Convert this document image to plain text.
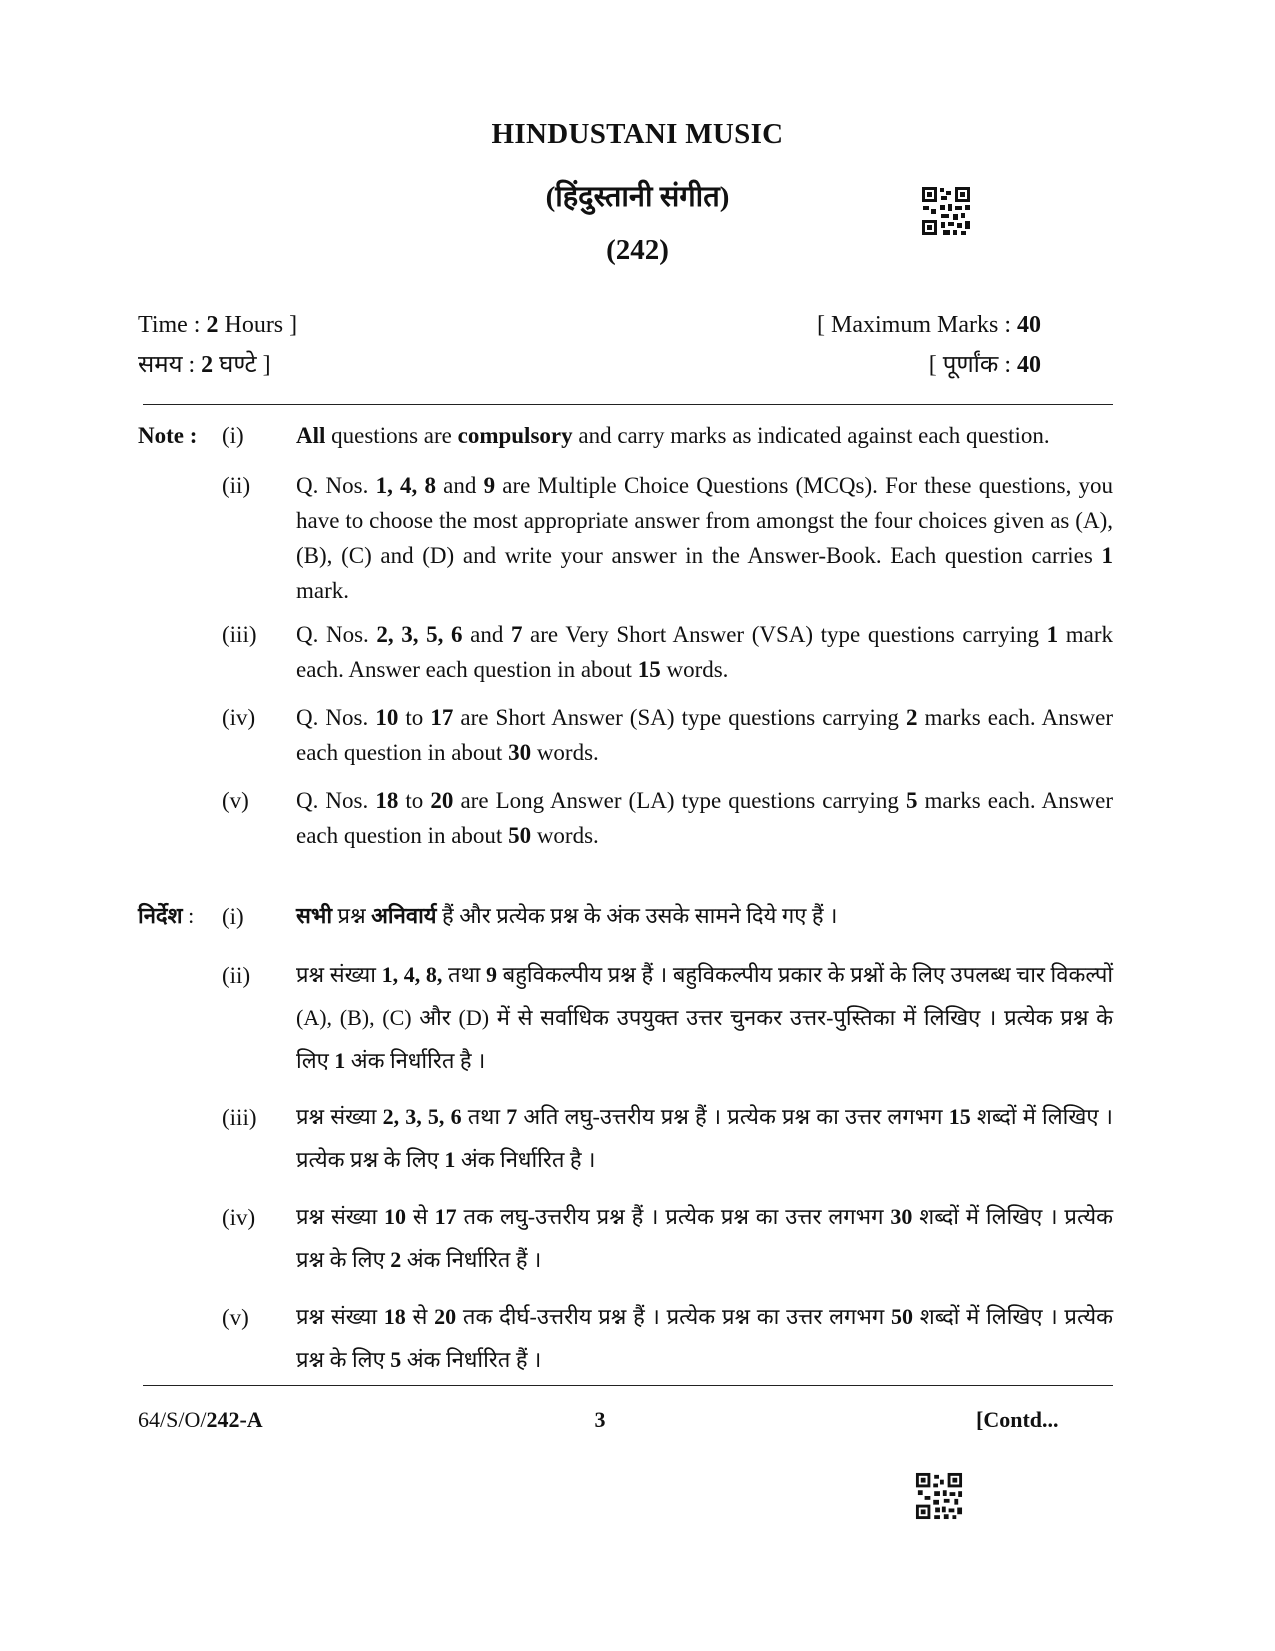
HINDUSTANI MUSIC
(हिंदुस्तानी संगीत)
(242)
Time : 2 Hours ]	[ Maximum Marks : 40
समय : 2 घण्टे ]	[ पूर्णांक : 40
Note : (i) All questions are compulsory and carry marks as indicated against each question.
(ii) Q. Nos. 1, 4, 8 and 9 are Multiple Choice Questions (MCQs). For these questions, you have to choose the most appropriate answer from amongst the four choices given as (A), (B), (C) and (D) and write your answer in the Answer-Book. Each question carries 1 mark.
(iii) Q. Nos. 2, 3, 5, 6 and 7 are Very Short Answer (VSA) type questions carrying 1 mark each. Answer each question in about 15 words.
(iv) Q. Nos. 10 to 17 are Short Answer (SA) type questions carrying 2 marks each. Answer each question in about 30 words.
(v) Q. Nos. 18 to 20 are Long Answer (LA) type questions carrying 5 marks each. Answer each question in about 50 words.
निर्देश : (i) सभी प्रश्न अनिवार्य हैं और प्रत्येक प्रश्न के अंक उसके सामने दिये गए हैं ।
(ii) प्रश्न संख्या 1, 4, 8, तथा 9 बहुविकल्पीय प्रश्न हैं । बहुविकल्पीय प्रकार के प्रश्नों के लिए उपलब्ध चार विकल्पों (A), (B), (C) और (D) में से सर्वाधिक उपयुक्त उत्तर चुनकर उत्तर-पुस्तिका में लिखिए । प्रत्येक प्रश्न के लिए 1 अंक निर्धारित है ।
(iii) प्रश्न संख्या 2, 3, 5, 6 तथा 7 अति लघु-उत्तरीय प्रश्न हैं । प्रत्येक प्रश्न का उत्तर लगभग 15 शब्दों में लिखिए । प्रत्येक प्रश्न के लिए 1 अंक निर्धारित है ।
(iv) प्रश्न संख्या 10 से 17 तक लघु-उत्तरीय प्रश्न हैं । प्रत्येक प्रश्न का उत्तर लगभग 30 शब्दों में लिखिए । प्रत्येक प्रश्न के लिए 2 अंक निर्धारित हैं ।
(v) प्रश्न संख्या 18 से 20 तक दीर्घ-उत्तरीय प्रश्न हैं । प्रत्येक प्रश्न का उत्तर लगभग 50 शब्दों में लिखिए । प्रत्येक प्रश्न के लिए 5 अंक निर्धारित हैं ।
64/S/O/242-A	3	[Contd...
